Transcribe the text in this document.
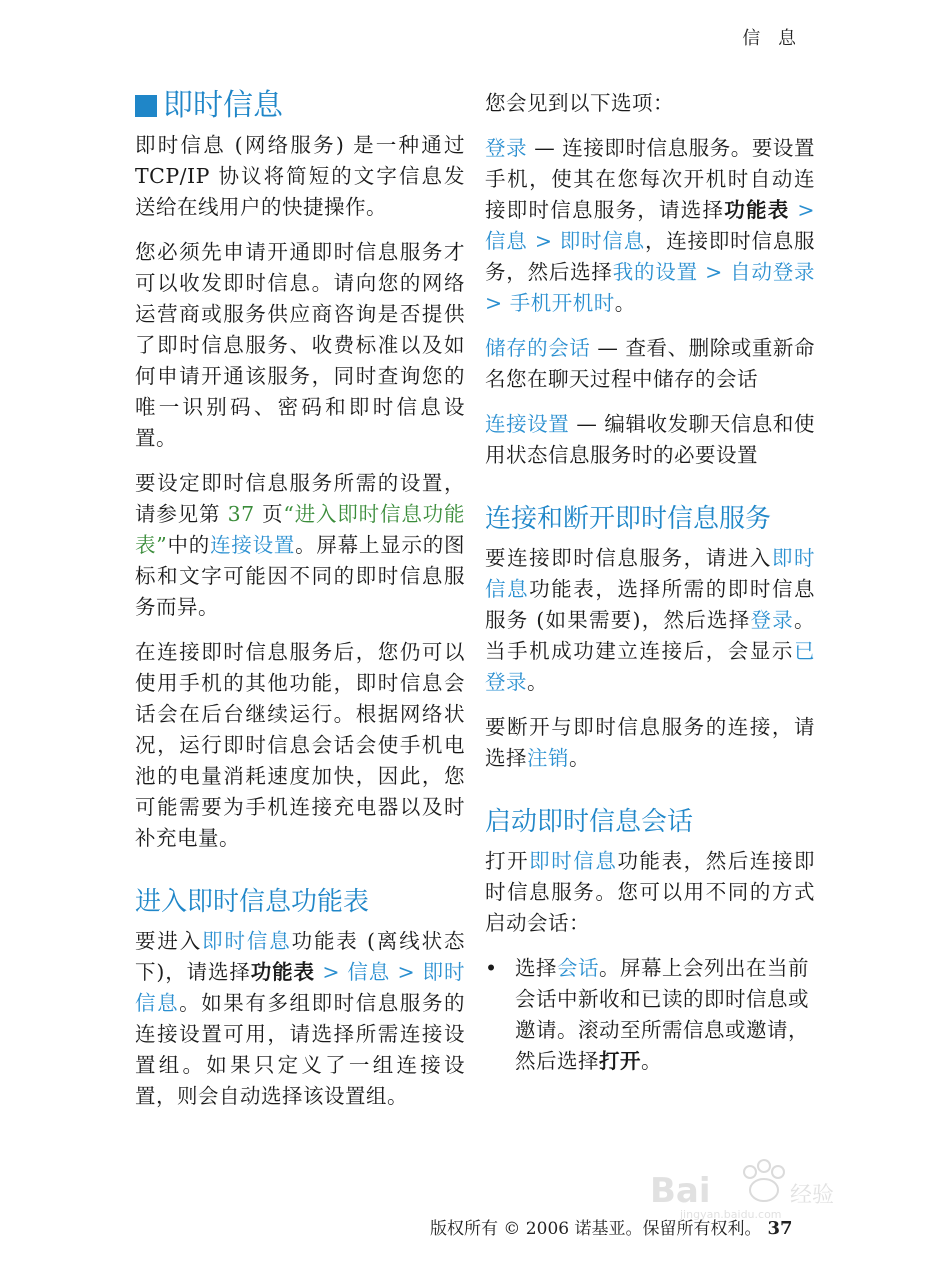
信 息
即时信息

即时信息 (网络服务) 是一种通过 TCP/IP 协议将简短的文字信息发送给在线用户的快捷操作。

您必须先申请开通即时信息服务才可以收发即时信息。请向您的网络运营商或服务供应商咨询是否提供了即时信息服务、收费标准以及如何申请开通该服务，同时查询您的唯一识别码、密码和即时信息设置。

要设定即时信息服务所需的设置，请参见第 37 页“进入即时信息功能表”中的连接设置。屏幕上显示的图标和文字可能因不同的即时信息服务而异。

在连接即时信息服务后，您仍可以使用手机的其他功能，即时信息会话会在后台继续运行。根据网络状况，运行即时信息会话会使手机电池的电量消耗速度加快，因此，您可能需要为手机连接充电器以及时补充电量。

进入即时信息功能表

要进入即时信息功能表 (离线状态下)，请选择功能表 > 信息 > 即时信息。如果有多组即时信息服务的连接设置可用，请选择所需连接设置组。如果只定义了一组连接设置，则会自动选择该设置组。

您会见到以下选项：

登录 — 连接即时信息服务。要设置手机，使其在您每次开机时自动连接即时信息服务，请选择功能表 > 信息 > 即时信息，连接即时信息服务，然后选择我的设置 > 自动登录 > 手机开机时。

储存的会话 — 查看、删除或重新命名您在聊天过程中储存的会话

连接设置 — 编辑收发聊天信息和使用状态信息服务时的必要设置

连接和断开即时信息服务

要连接即时信息服务，请进入即时信息功能表，选择所需的即时信息服务 (如果需要)，然后选择登录。当手机成功建立连接后，会显示已登录。

要断开与即时信息服务的连接，请选择注销。

启动即时信息会话

打开即时信息功能表，然后连接即时信息服务。您可以用不同的方式启动会话：

• 选择会话。屏幕上会列出在当前会话中新收和已读的即时信息或邀请。滚动至所需信息或邀请，然后选择打开。
Bai	经验
jingyan.baidu.com
版权所有 © 2006 诺基亚。保留所有权利。 37
